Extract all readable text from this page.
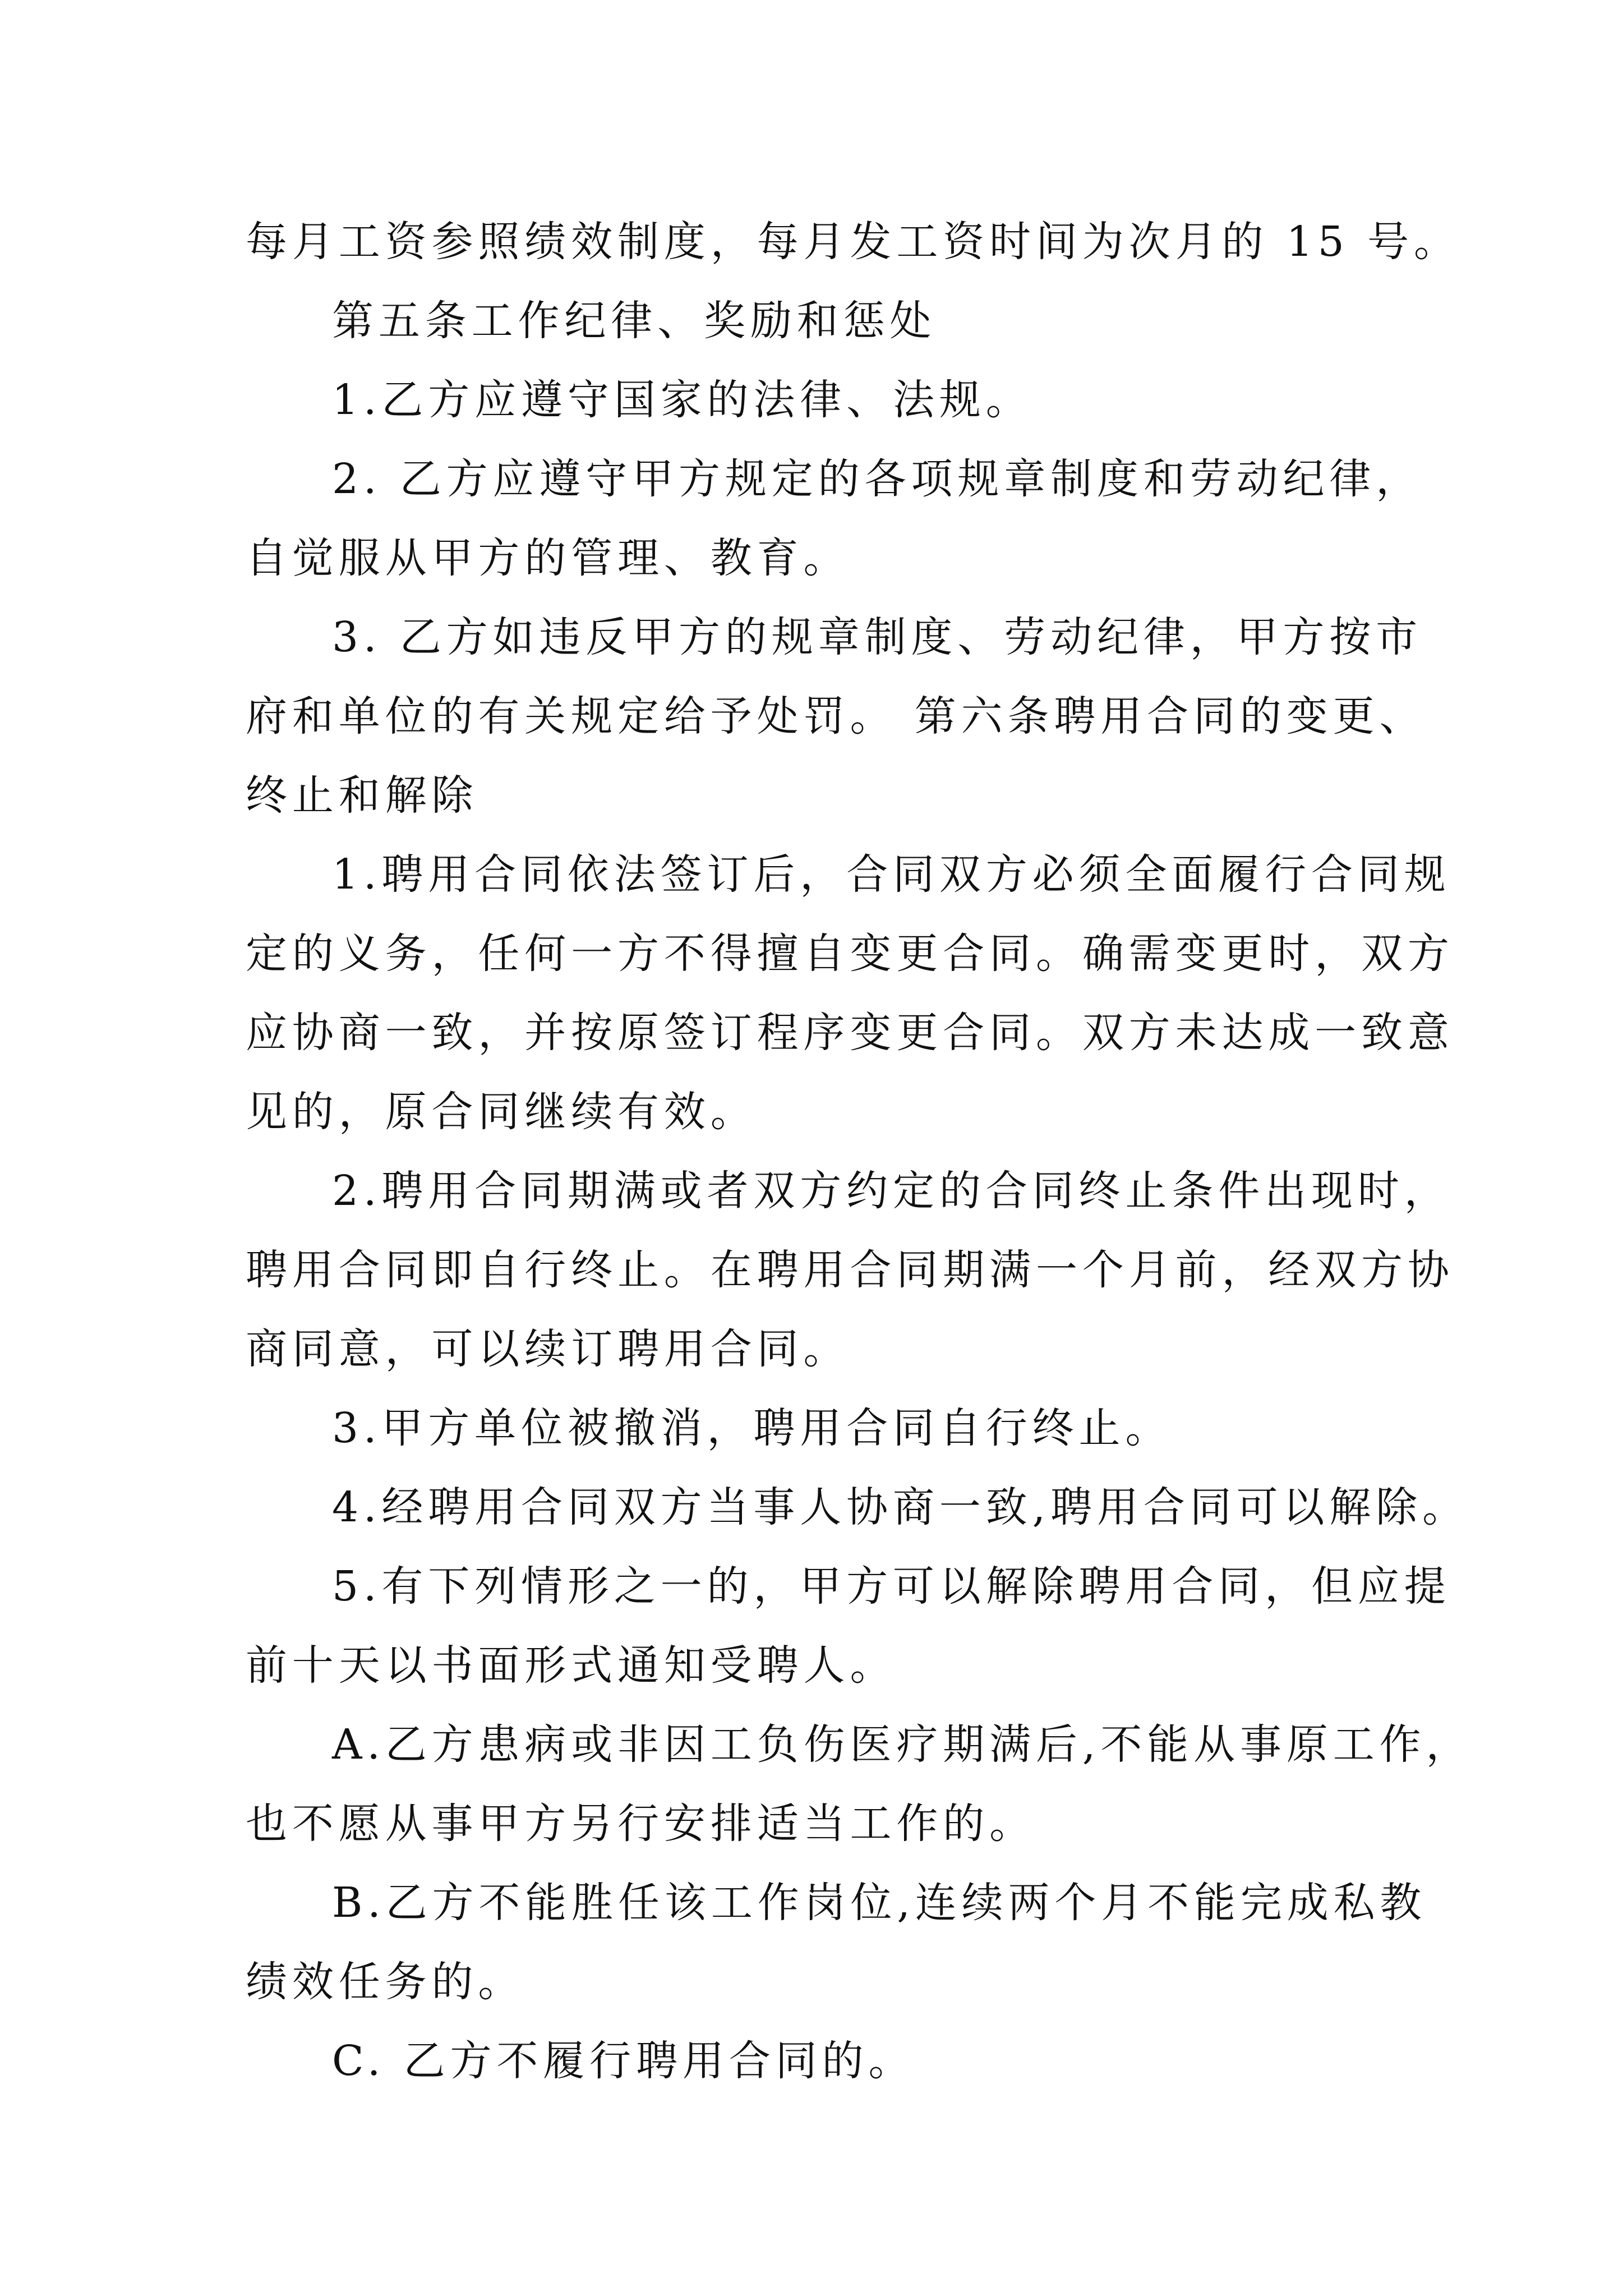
每月工资参照绩效制度，每月发工资时间为次月的 15 号。
第五条工作纪律、奖励和惩处
1.乙方应遵守国家的法律、法规。
2. 乙方应遵守甲方规定的各项规章制度和劳动纪律，
自觉服从甲方的管理、教育。
3. 乙方如违反甲方的规章制度、劳动纪律，甲方按市
府和单位的有关规定给予处罚。 第六条聘用合同的变更、
终止和解除
1.聘用合同依法签订后，合同双方必须全面履行合同规
定的义务，任何一方不得擅自变更合同。确需变更时，双方
应协商一致，并按原签订程序变更合同。双方未达成一致意
见的，原合同继续有效。
2.聘用合同期满或者双方约定的合同终止条件出现时，
聘用合同即自行终止。在聘用合同期满一个月前，经双方协
商同意，可以续订聘用合同。
3.甲方单位被撤消，聘用合同自行终止。
4.经聘用合同双方当事人协商一致,聘用合同可以解除。
5.有下列情形之一的，甲方可以解除聘用合同，但应提
前十天以书面形式通知受聘人。
A.乙方患病或非因工负伤医疗期满后,不能从事原工作，
也不愿从事甲方另行安排适当工作的。
B.乙方不能胜任该工作岗位,连续两个月不能完成私教
绩效任务的。
C. 乙方不履行聘用合同的。
